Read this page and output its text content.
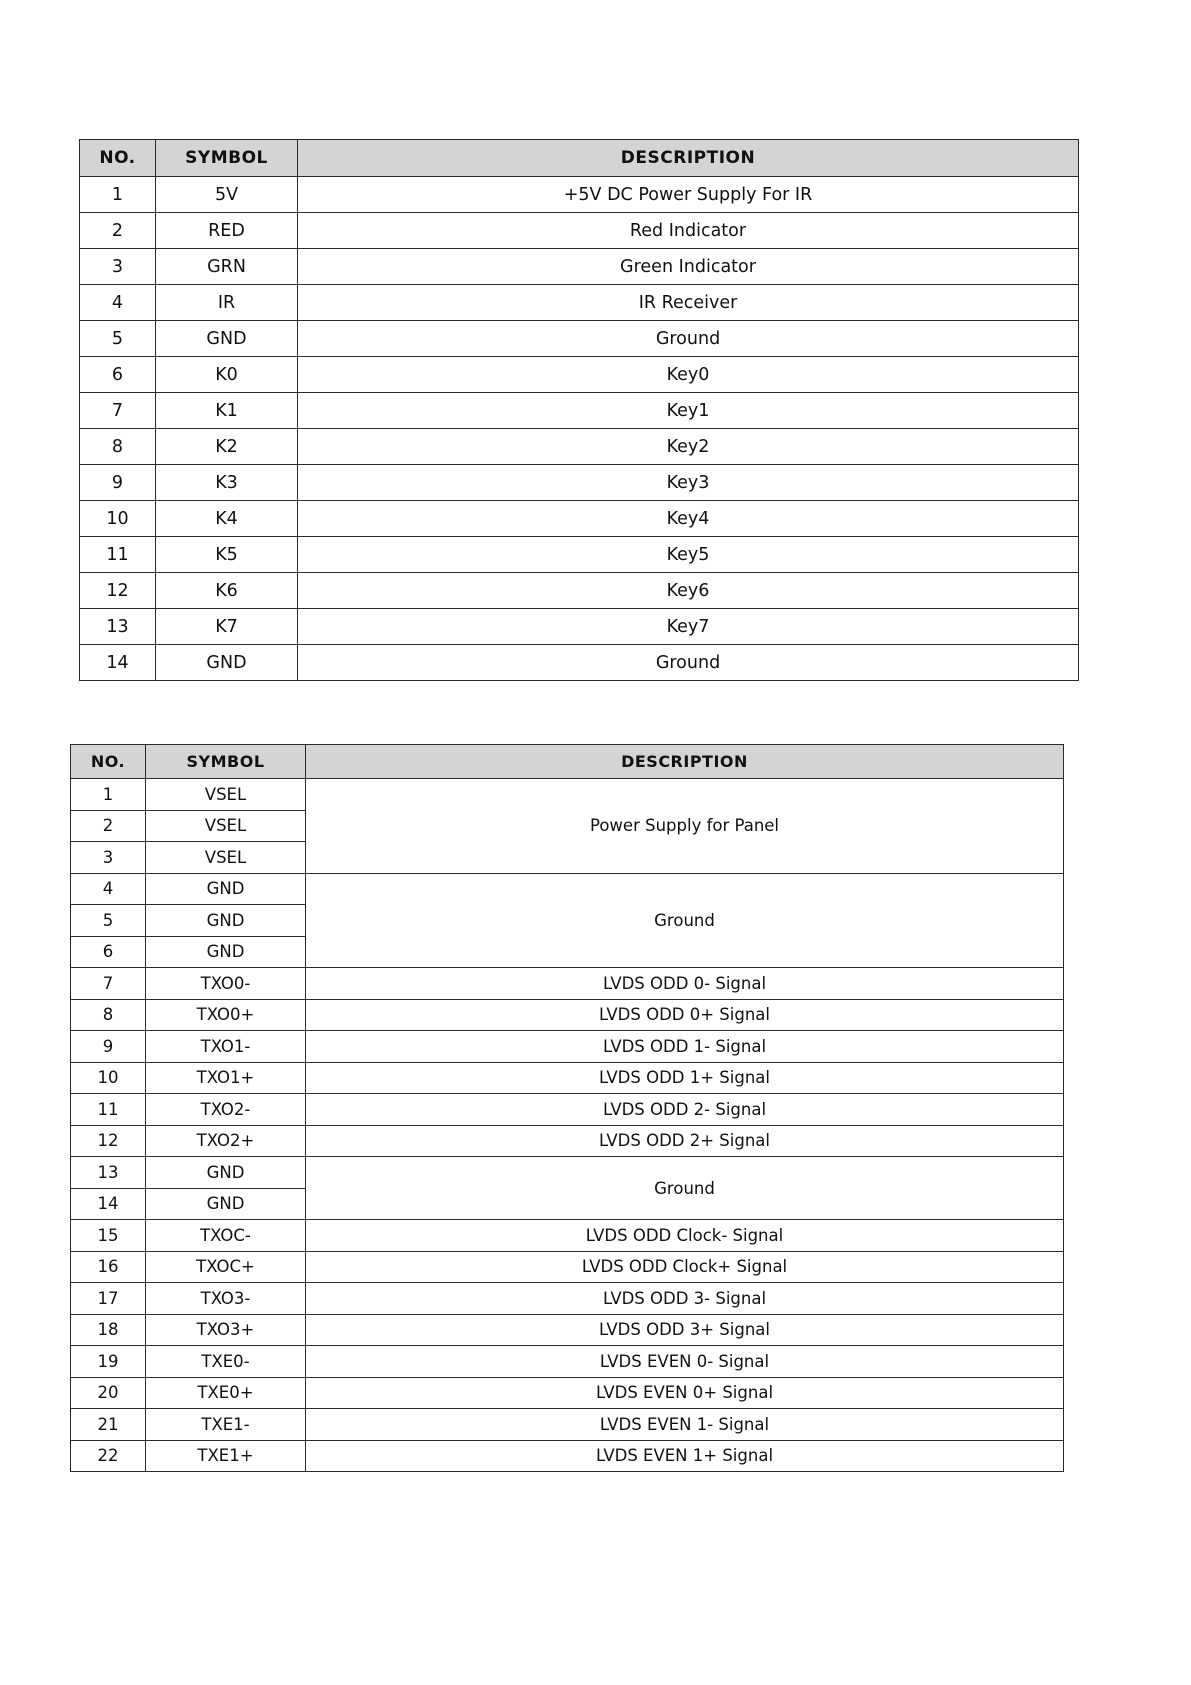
NO.	SYMBOL	DESCRIPTION
1	5V	+5V DC Power Supply For IR
2	RED	Red Indicator
3	GRN	Green Indicator
4	IR	IR Receiver
5	GND	Ground
6	K0	Key0
7	K1	Key1
8	K2	Key2
9	K3	Key3
10	K4	Key4
11	K5	Key5
12	K6	Key6
13	K7	Key7
14	GND	Ground
NO.	SYMBOL	DESCRIPTION
1	VSEL	Power Supply for Panel
2	VSEL	
3	VSEL	
4	GND	Ground
5	GND	
6	GND	
7	TXO0-	LVDS ODD 0- Signal
8	TXO0+	LVDS ODD 0+ Signal
9	TXO1-	LVDS ODD 1- Signal
10	TXO1+	LVDS ODD 1+ Signal
11	TXO2-	LVDS ODD 2- Signal
12	TXO2+	LVDS ODD 2+ Signal
13	GND	Ground
14	GND	
15	TXOC-	LVDS ODD Clock- Signal
16	TXOC+	LVDS ODD Clock+ Signal
17	TXO3-	LVDS ODD 3- Signal
18	TXO3+	LVDS ODD 3+ Signal
19	TXE0-	LVDS EVEN 0- Signal
20	TXE0+	LVDS EVEN 0+ Signal
21	TXE1-	LVDS EVEN 1- Signal
22	TXE1+	LVDS EVEN 1+ Signal
